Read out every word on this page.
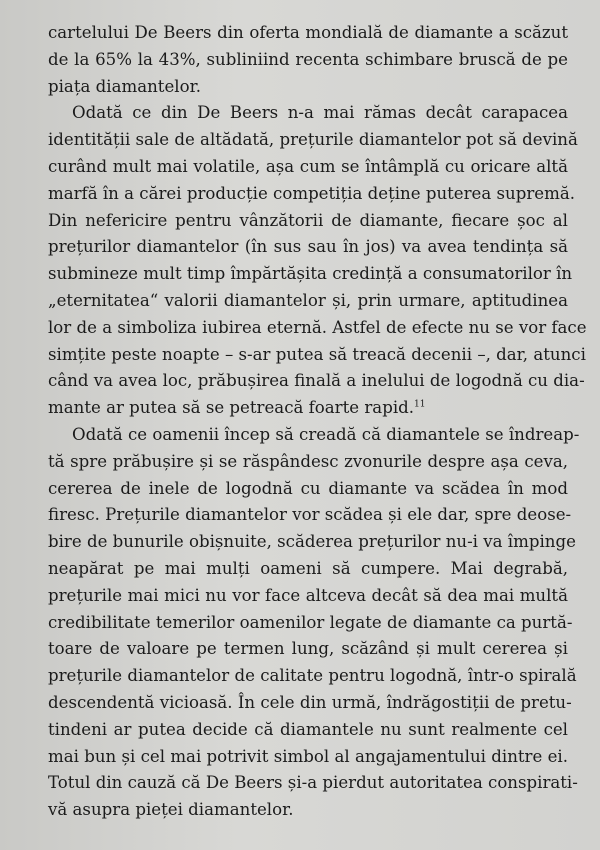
cartelului De Beers din oferta mondială de diamante a scăzut
de la 65% la 43%, subliniind recenta schimbare bruscă de pe
piața diamantelor.
Odată ce din De Beers n-a mai rămas decât carapacea
identității sale de altădată, prețurile diamantelor pot să devină
curând mult mai volatile, așa cum se întâmplă cu oricare altă
marfă în a cărei producție competiția deține puterea supremă.
Din nefericire pentru vânzătorii de diamante, fiecare șoc al
prețurilor diamantelor (în sus sau în jos) va avea tendința să
submineze mult timp împărtășita credință a consumatorilor în
„eternitatea“ valorii diamantelor și, prin urmare, aptitudinea
lor de a simboliza iubirea eternă. Astfel de efecte nu se vor face
simțite peste noapte – s-ar putea să treacă decenii –, dar, atunci
când va avea loc, prăbușirea finală a inelului de logodnă cu dia-
mante ar putea să se petreacă foarte rapid.$^{11}$
Odată ce oamenii încep să creadă că diamantele se îndreap-
tă spre prăbușire și se răspândesc zvonurile despre așa ceva,
cererea de inele de logodnă cu diamante va scădea în mod
firesc. Prețurile diamantelor vor scădea și ele dar, spre deose-
bire de bunurile obișnuite, scăderea prețurilor nu-i va împinge
neapărat pe mai mulți oameni să cumpere. Mai degrabă,
prețurile mai mici nu vor face altceva decât să dea mai multă
credibilitate temerilor oamenilor legate de diamante ca purtă-
toare de valoare pe termen lung, scăzând și mult cererea și
prețurile diamantelor de calitate pentru logodnă, într-o spirală
descendentă vicioasă. În cele din urmă, îndrăgostiții de pretu-
tindeni ar putea decide că diamantele nu sunt realmente cel
mai bun și cel mai potrivit simbol al angajamentului dintre ei.
Totul din cauză că De Beers și-a pierdut autoritatea conspirati-
vă asupra pieței diamantelor.
